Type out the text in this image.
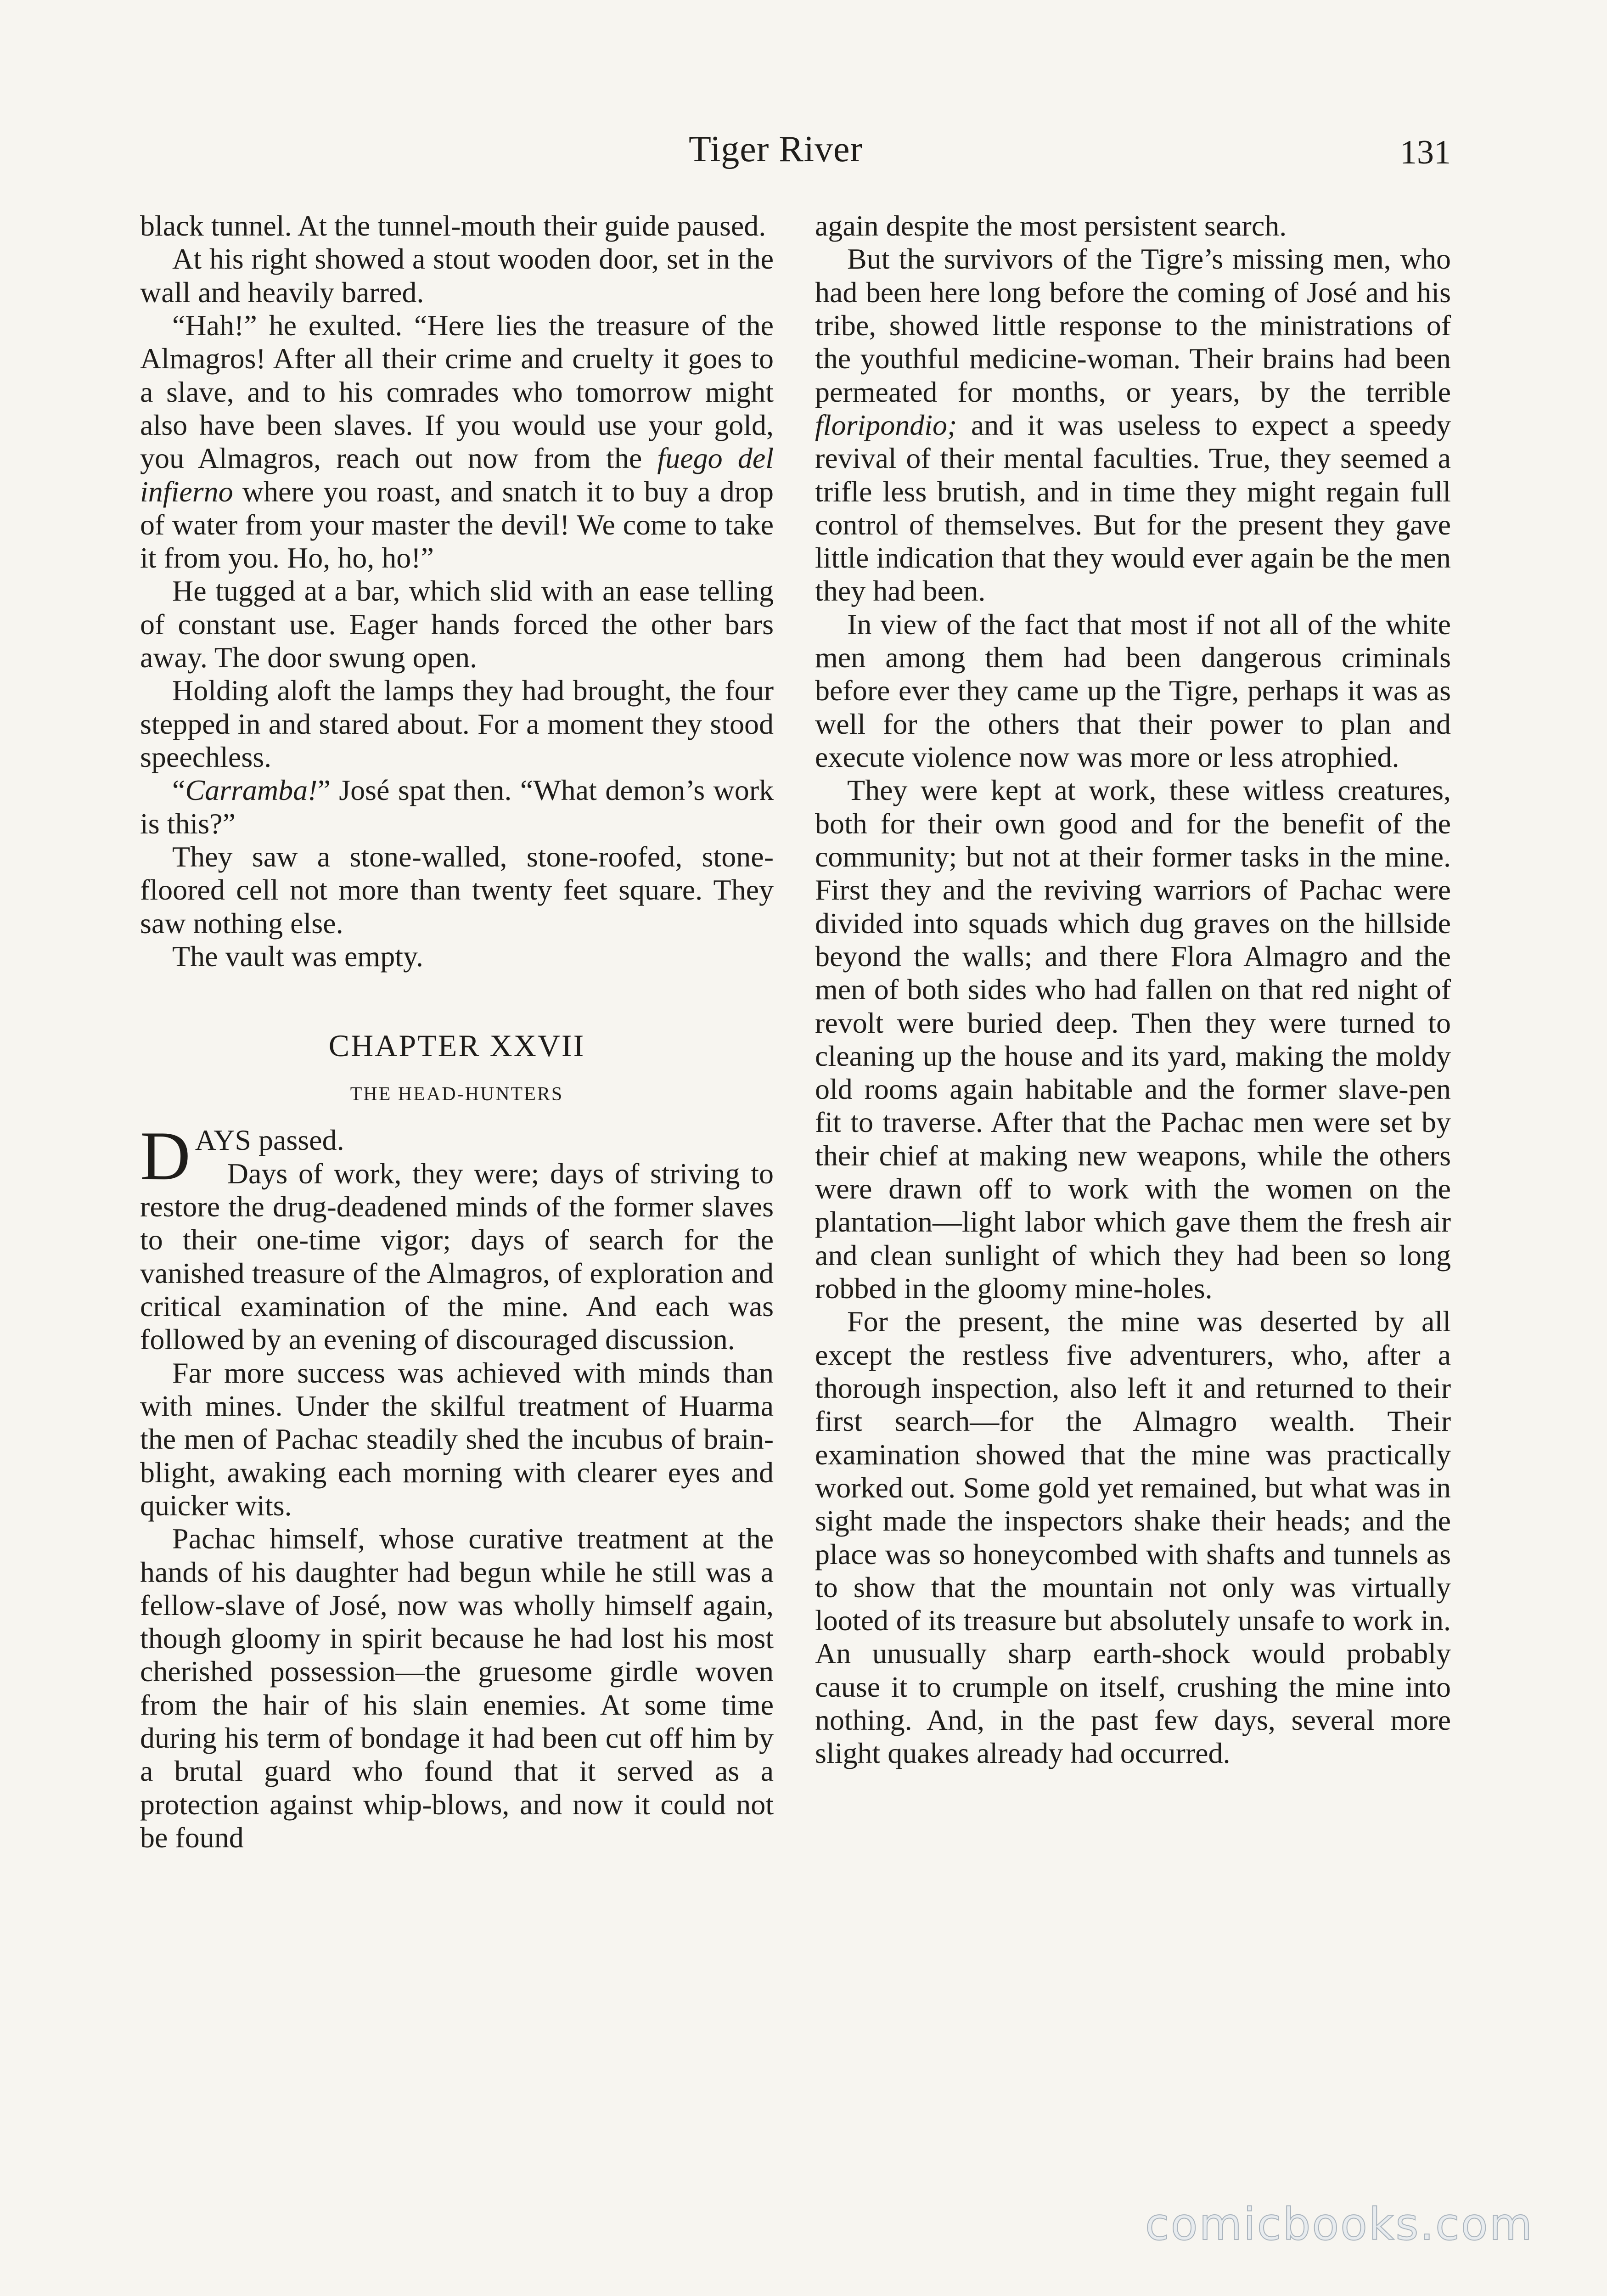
Tiger River	131

black tunnel. At the tunnel-mouth their guide paused.

At his right showed a stout wooden door, set in the wall and heavily barred.

“Hah!” he exulted. “Here lies the treasure of the Almagros! After all their crime and cruelty it goes to a slave, and to his comrades who tomorrow might also have been slaves. If you would use your gold, you Almagros, reach out now from the fuego del infierno where you roast, and snatch it to buy a drop of water from your master the devil! We come to take it from you. Ho, ho, ho!”

He tugged at a bar, which slid with an ease telling of constant use. Eager hands forced the other bars away. The door swung open.

Holding aloft the lamps they had brought, the four stepped in and stared about. For a moment they stood speechless.

“Carramba!” José spat then. “What demon’s work is this?”

They saw a stone-walled, stone-roofed, stone-floored cell not more than twenty feet square. They saw nothing else.

The vault was empty.

CHAPTER XXVII
THE HEAD-HUNTERS

DAYS passed.

Days of work, they were; days of striving to restore the drug-deadened minds of the former slaves to their one-time vigor; days of search for the vanished treasure of the Almagros, of exploration and critical examination of the mine. And each was followed by an evening of discouraged discussion.

Far more success was achieved with minds than with mines. Under the skilful treatment of Huarma the men of Pachac steadily shed the incubus of brain-blight, awaking each morning with clearer eyes and quicker wits.

Pachac himself, whose curative treatment at the hands of his daughter had begun while he still was a fellow-slave of José, now was wholly himself again, though gloomy in spirit because he had lost his most cherished possession—the gruesome girdle woven from the hair of his slain enemies. At some time during his term of bondage it had been cut off him by a brutal guard who found that it served as a protection against whip-blows, and now it could not be found

again despite the most persistent search.

But the survivors of the Tigre’s missing men, who had been here long before the coming of José and his tribe, showed little response to the ministrations of the youthful medicine-woman. Their brains had been permeated for months, or years, by the terrible floripondio; and it was useless to expect a speedy revival of their mental faculties. True, they seemed a trifle less brutish, and in time they might regain full control of themselves. But for the present they gave little indication that they would ever again be the men they had been.

In view of the fact that most if not all of the white men among them had been dangerous criminals before ever they came up the Tigre, perhaps it was as well for the others that their power to plan and execute violence now was more or less atrophied.

They were kept at work, these witless creatures, both for their own good and for the benefit of the community; but not at their former tasks in the mine. First they and the reviving warriors of Pachac were divided into squads which dug graves on the hillside beyond the walls; and there Flora Almagro and the men of both sides who had fallen on that red night of revolt were buried deep. Then they were turned to cleaning up the house and its yard, making the moldy old rooms again habitable and the former slave-pen fit to traverse. After that the Pachac men were set by their chief at making new weapons, while the others were drawn off to work with the women on the plantation—light labor which gave them the fresh air and clean sunlight of which they had been so long robbed in the gloomy mine-holes.

For the present, the mine was deserted by all except the restless five adventurers, who, after a thorough inspection, also left it and returned to their first search—for the Almagro wealth. Their examination showed that the mine was practically worked out. Some gold yet remained, but what was in sight made the inspectors shake their heads; and the place was so honeycombed with shafts and tunnels as to show that the mountain not only was virtually looted of its treasure but absolutely unsafe to work in. An unusually sharp earth-shock would probably cause it to crumple on itself, crushing the mine into nothing. And, in the past few days, several more slight quakes already had occurred.

comicbooks.com
